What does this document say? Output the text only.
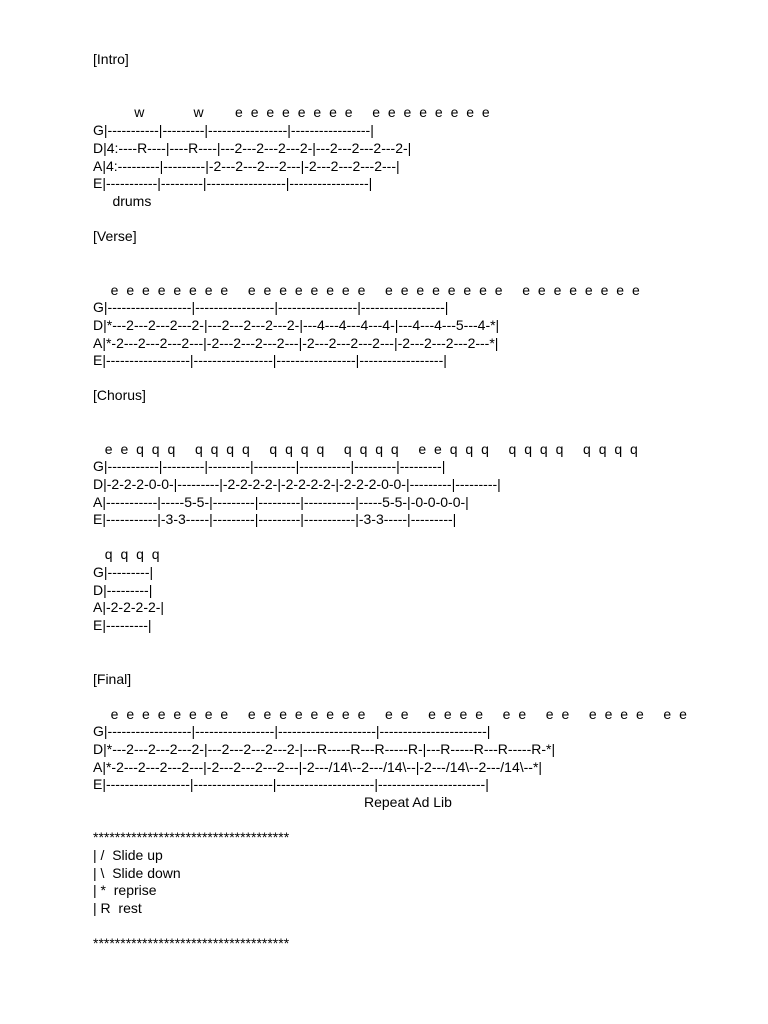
[Intro]

w        w     e e e e e e e e   e e e e e e e e

G|-----------|---------|-----------------|-----------------|

D|4:----R----|----R----|---2---2---2---2-|---2---2---2---2-|

A|4:---------|---------|-2---2---2---2---|-2---2---2---2---|

E|-----------|---------|-----------------|-----------------|

drums

[Verse]

e e e e e e e e   e e e e e e e e   e e e e e e e e   e e e e e e e e

G|------------------|-----------------|-----------------|------------------|

D|*---2---2---2---2-|---2---2---2---2-|---4---4---4---4-|---4---4---5---4-*|

A|*-2---2---2---2---|-2---2---2---2---|-2---2---2---2---|-2---2---2---2---*|

E|------------------|-----------------|-----------------|------------------|

[Chorus]

e e q q q   q q q q   q q q q   q q q q   e e q q q   q q q q   q q q q

G|-----------|---------|---------|---------|-----------|---------|---------|

D|-2-2-2-0-0-|---------|-2-2-2-2-|-2-2-2-2-|-2-2-2-0-0-|---------|---------|

A|-----------|-----5-5-|---------|---------|-----------|-----5-5-|-0-0-0-0-|

E|-----------|-3-3-----|---------|---------|-----------|-3-3-----|---------|

q q q q

G|---------|

D|---------|

A|-2-2-2-2-|

E|---------|

[Final]

e e e e e e e e   e e e e e e e e   e e   e e e e   e e   e e   e e e e   e e

G|------------------|-----------------|---------------------|-----------------------|

D|*---2---2---2---2-|---2---2---2---2-|---R-----R---R-----R-|---R-----R---R-----R-*|

A|*-2---2---2---2---|-2---2---2---2---|-2---/14\--2---/14\--|-2---/14\--2---/14\--*|

E|------------------|-----------------|---------------------|-----------------------|

Repeat Ad Lib

************************************

| /  Slide up

| \  Slide down

| *  reprise

| R  rest

************************************
